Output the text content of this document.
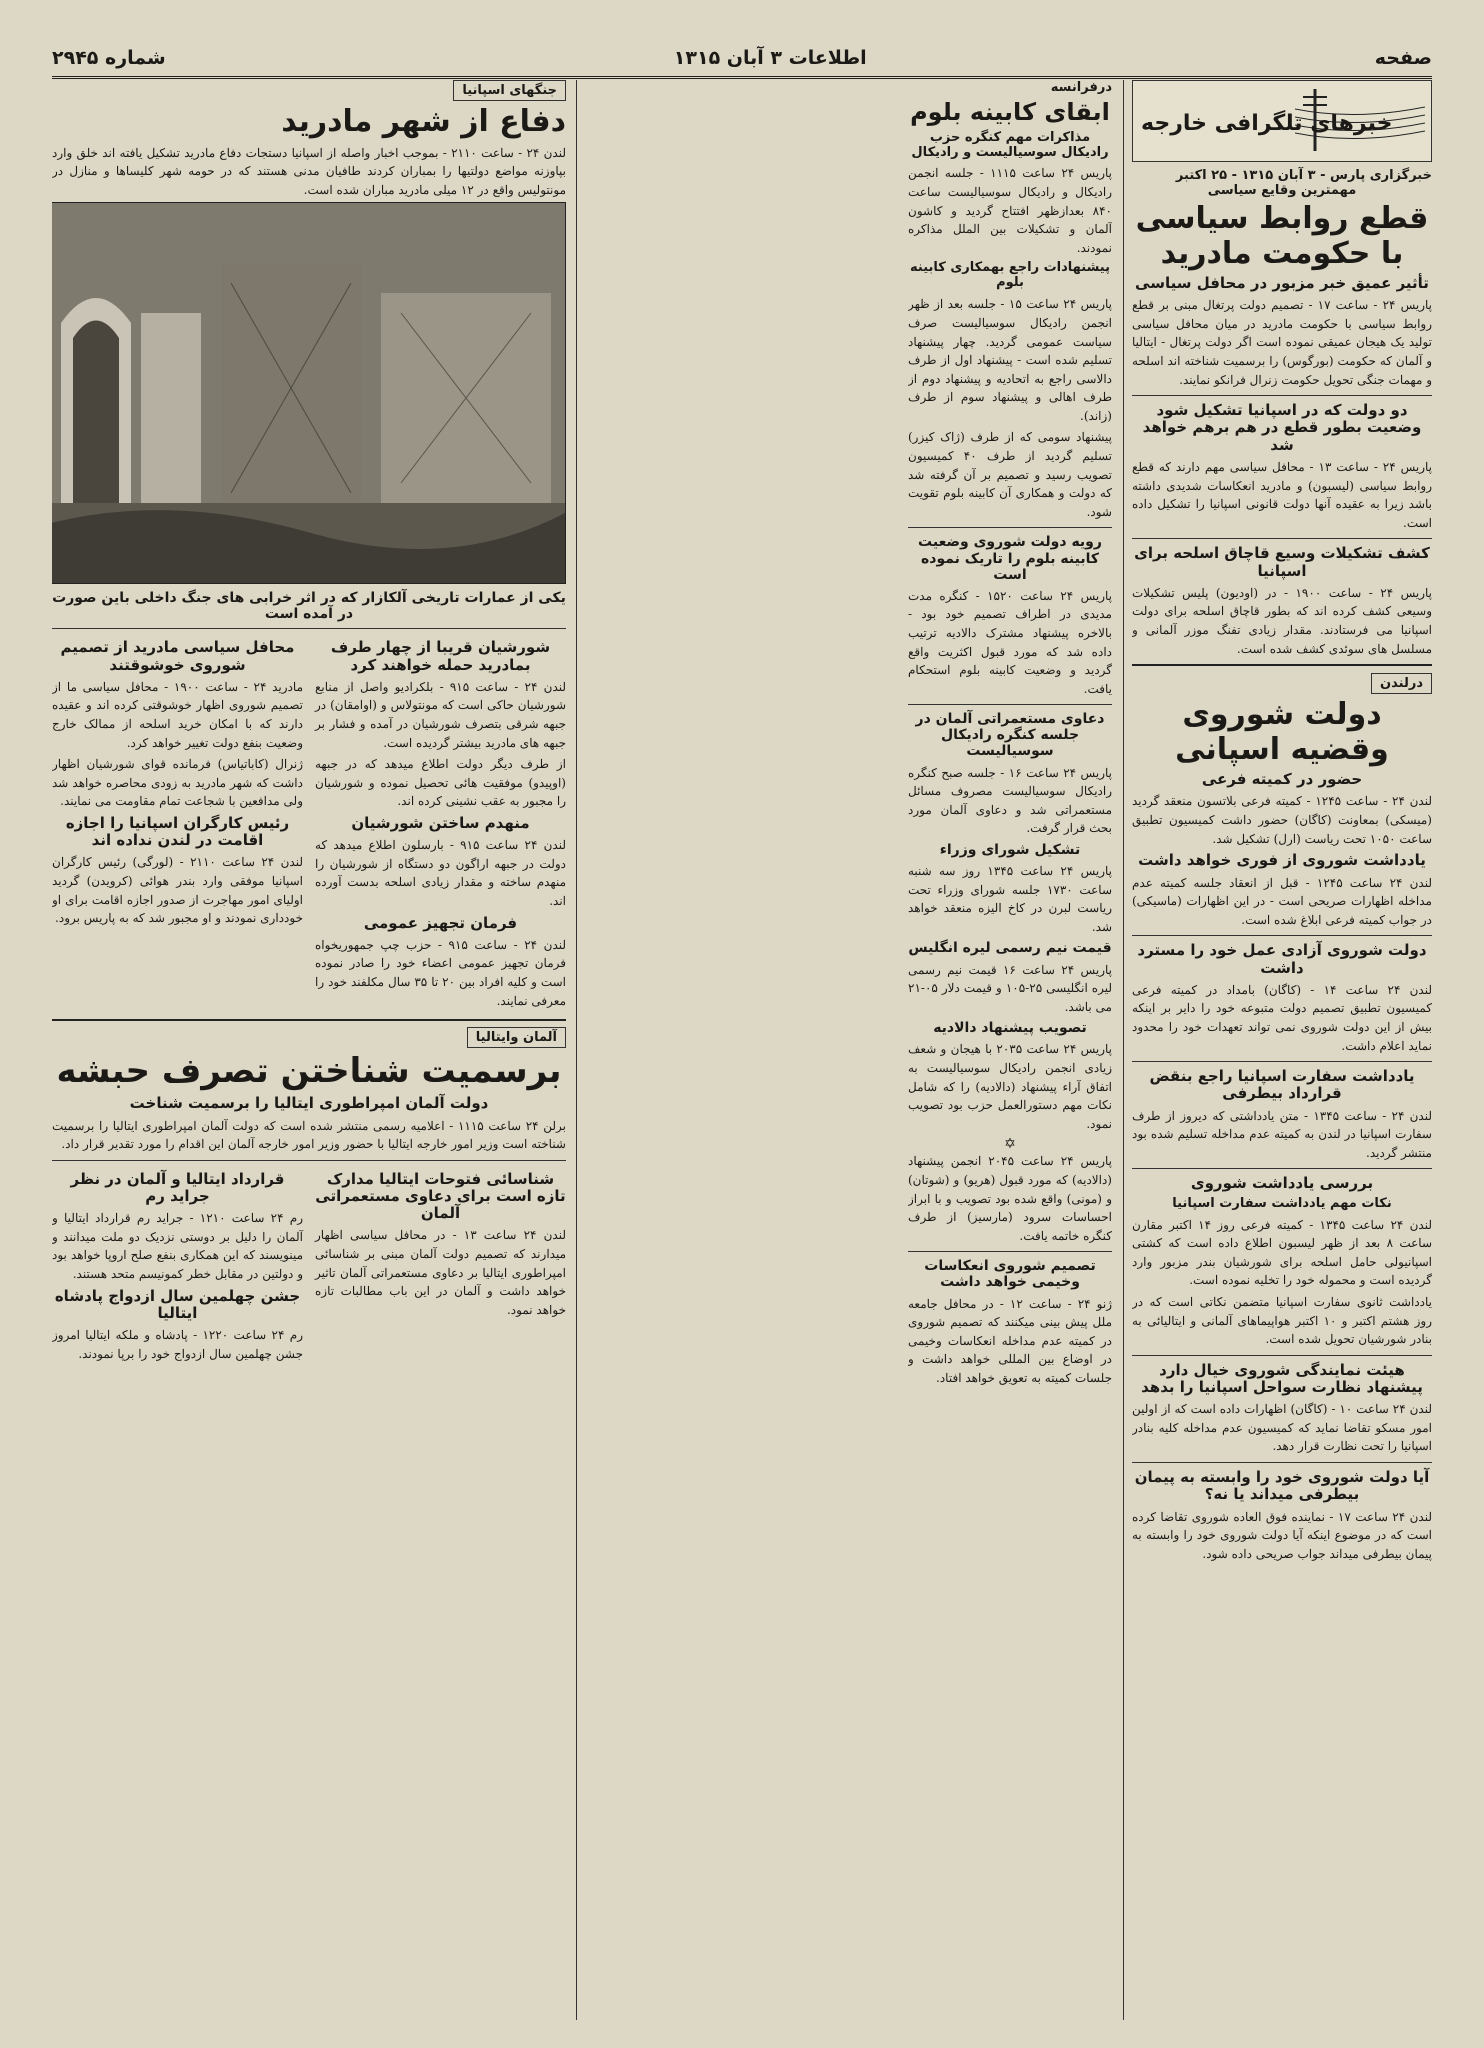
صفحه
اطلاعات ۳ آبان ۱۳۱۵
شماره ۲۹۴۵
خبرهای تلگرافی خارجه
خبرگزاری پارس - ۳ آبان ۱۳۱۵ - ۲۵ اکتبر
مهمترین وقایع سیاسی
قطع روابط سیاسی با حکومت مادرید
تأثیر عمیق خبر مزبور در محافل سیاسی

پاریس ۲۴ - ساعت ۱۷ - تصمیم دولت پرتغال مبنی بر قطع روابط سیاسی با حکومت مادرید در میان محافل سیاسی تولید یک هیجان عمیقی نموده است اگر دولت پرتغال - ایتالیا و آلمان که حکومت (بورگوس) را برسمیت شناخته اند اسلحه و مهمات جنگی تحویل حکومت زنرال فرانکو نمایند.

دو دولت که در اسپانیا تشکیل شود وضعیت بطور قطع در هم برهم خواهد شد

پاریس ۲۴ - ساعت ۱۳ - محافل سیاسی مهم دارند که قطع روابط سیاسی (لیسبون) و مادرید انعکاسات شدیدی داشته باشد زیرا به عقیده آنها دولت قانونی اسپانیا را تشکیل داده است.

کشف تشکیلات وسیع قاچاق اسلحه برای اسپانیا

پاریس ۲۴ - ساعت ۱۹۰۰ - در (اودیون) پلیس تشکیلات وسیعی کشف کرده اند که بطور قاچاق اسلحه برای دولت اسپانیا می فرستادند. مقدار زیادی تفنگ موزر آلمانی و مسلسل های سوئدی کشف شده است.

درلندن
دولت شوروی وقضیه اسپانی
حضور در کمیته فرعی

لندن ۲۴ - ساعت ۱۲۴۵ - کمیته فرعی بلاتسون منعقد گردید (میسکی) بمعاونت (کاگان) حضور داشت کمیسیون تطبیق ساعت ۱۰۵۰ تحت ریاست (ارل) تشکیل شد.

یادداشت شوروی از فوری خواهد داشت

لندن ۲۴ ساعت ۱۲۴۵ - قبل از انعقاد جلسه کمیته عدم مداخله اظهارات صریحی است - در این اظهارات (ماسیکی) در جواب کمیته فرعی ابلاغ شده است.

دولت شوروی آزادی عمل خود را مسترد داشت

لندن ۲۴ ساعت ۱۴ - (کاگان) بامداد در کمیته فرعی کمیسیون تطبیق تصمیم دولت متبوعه خود را دایر بر اینکه بیش از این دولت شوروی نمی تواند تعهدات خود را محدود نماید اعلام داشت.

یادداشت سفارت اسپانیا راجع بنقض قرارداد بیطرفی

لندن ۲۴ - ساعت ۱۳۴۵ - متن یادداشتی که دیروز از طرف سفارت اسپانیا در لندن به کمیته عدم مداخله تسلیم شده بود منتشر گردید.

بررسی یادداشت شوروی
نکات مهم یادداشت سفارت اسپانیا

لندن ۲۴ ساعت ۱۳۴۵ - کمیته فرعی روز ۱۴ اکتبر مقارن ساعت ۸ بعد از ظهر لیسبون اطلاع داده است که کشتی اسپانیولی حامل اسلحه برای شورشیان بندر مزبور وارد گردیده است و محموله خود را تخلیه نموده است.

یادداشت ثانوی سفارت اسپانیا متضمن نکاتی است که در روز هشتم اکتبر و ۱۰ اکتبر هواپیماهای آلمانی و ایتالیائی به بنادر شورشیان تحویل شده است.

هیئت نمایندگی شوروی خیال دارد پیشنهاد نظارت سواحل اسپانیا را بدهد

لندن ۲۴ ساعت ۱۰ - (کاگان) اظهارات داده است که از اولین امور مسکو تقاضا نماید که کمیسیون عدم مداخله کلیه بنادر اسپانیا را تحت نظارت قرار دهد.

آیا دولت شوروی خود را وابسته به پیمان بیطرفی میداند یا نه؟

لندن ۲۴ ساعت ۱۷ - نماینده فوق العاده شوروی تقاضا کرده است که در موضوع اینکه آیا دولت شوروی خود را وابسته به پیمان بیطرفی میداند جواب صریحی داده شود.

درفرانسه
ابقای کابینه بلوم
مذاکرات مهم کنگره حزب رادیکال سوسیالیست و رادیکال

پاریس ۲۴ ساعت ۱۱۱۵ - جلسه انجمن رادیکال و رادیکال سوسیالیست ساعت ۸۴۰ بعدازظهر افتتاح گردید و کاشون آلمان و تشکیلات بین الملل مذاکره نمودند.

پیشنهادات راجع بهمکاری کابینه بلوم

پاریس ۲۴ ساعت ۱۵ - جلسه بعد از ظهر انجمن رادیکال سوسیالیست صرف سیاست عمومی گردید. چهار پیشنهاد تسلیم شده است - پیشنهاد اول از طرف دالاسی راجع به اتحادیه و پیشنهاد دوم از طرف اهالی و پیشنهاد سوم از طرف (زاند).

پیشنهاد سومی که از طرف (ژاک کیزر) تسلیم گردید از طرف ۴۰ کمیسیون تصویب رسید و تصمیم بر آن گرفته شد که دولت و همکاری آن کابینه بلوم تقویت شود.

رویه دولت شوروی وضعیت کابینه بلوم را تاریک نموده است

پاریس ۲۴ ساعت ۱۵۲۰ - کنگره مدت مدیدی در اطراف تصمیم خود بود - بالاخره پیشنهاد مشترک دالادیه ترتیب داده شد که مورد قبول اکثریت واقع گردید و وضعیت کابینه بلوم استحکام یافت.

دعاوی مستعمراتی آلمان در جلسه کنگره رادیکال سوسیالیست

پاریس ۲۴ ساعت ۱۶ - جلسه صبح کنگره رادیکال سوسیالیست مصروف مسائل مستعمراتی شد و دعاوی آلمان مورد بحث قرار گرفت.

تشکیل شورای وزراء

پاریس ۲۴ ساعت ۱۳۴۵ روز سه شنبه ساعت ۱۷۳۰ جلسه شورای وزراء تحت ریاست لبرن در کاخ الیزه منعقد خواهد شد.

قیمت نیم رسمی لیره انگلیس

پاریس ۲۴ ساعت ۱۶ قیمت نیم رسمی لیره انگلیسی ۲۵-۱۰۵ و قیمت دلار ۰۵-۲۱ می باشد.

تصویب پیشنهاد دالادیه

پاریس ۲۴ ساعت ۲۰۳۵ با هیجان و شعف زیادی انجمن رادیکال سوسیالیست به اتفاق آراء پیشنهاد (دالادیه) را که شامل نکات مهم دستورالعمل حزب بود تصویب نمود.

✡

پاریس ۲۴ ساعت ۲۰۴۵ انجمن پیشنهاد (دالادیه) که مورد قبول (هریو) و (شوتان) و (مونی) واقع شده بود تصویب و با ابراز احساسات سرود (مارسیز) از طرف کنگره خاتمه یافت.

تصمیم شوروی انعکاسات وخیمی خواهد داشت

ژنو ۲۴ - ساعت ۱۲ - در محافل جامعه ملل پیش بینی میکنند که تصمیم شوروی در کمیته عدم مداخله انعکاسات وخیمی در اوضاع بین المللی خواهد داشت و جلسات کمیته به تعویق خواهد افتاد.

جنگهای اسپانیا
دفاع از شهر مادرید

لندن ۲۴ - ساعت ۲۱۱۰ - بموجب اخبار واصله از اسپانیا دستجات دفاع مادرید تشکیل یافته اند خلق وارد بپاوزنه مواضع دولتیها را بمباران کردند طافیان مدنی هستند که در حومه شهر کلیساها و منازل در مونتولیس واقع در ۱۲ میلی مادرید مباران شده است.

یکی از عمارات تاریخی آلکازار که در اثر خرابی های جنگ داخلی باین صورت در آمده است
شورشیان قریبا از چهار طرف بمادرید حمله خواهند کرد

لندن ۲۴ - ساعت ۹۱۵ - بلکرادیو واصل از منابع شورشیان حاکی است که مونتولاس و (اوامقان) در جبهه شرقی بتصرف شورشیان در آمده و فشار بر جبهه های مادرید بیشتر گردیده است.

از طرف دیگر دولت اطلاع میدهد که در جبهه (اوپیدو) موفقیت هائی تحصیل نموده و شورشیان را مجبور به عقب نشینی کرده اند.

منهدم ساختن شورشیان

لندن ۲۴ ساعت ۹۱۵ - بارسلون اطلاع میدهد که دولت در جبهه اراگون دو دستگاه از شورشیان را منهدم ساخته و مقدار زیادی اسلحه بدست آورده اند.

فرمان تجهیز عمومی

لندن ۲۴ - ساعت ۹۱۵ - حزب چپ جمهوریخواه فرمان تجهیز عمومی اعضاء خود را صادر نموده است و کلیه افراد بین ۲۰ تا ۳۵ سال مکلفند خود را معرفی نمایند.

محافل سیاسی مادرید از تصمیم شوروی خوشوقتند

مادرید ۲۴ - ساعت ۱۹۰۰ - محافل سیاسی ما از تصمیم شوروی اظهار خوشوقتی کرده اند و عقیده دارند که با امکان خرید اسلحه از ممالک خارج وضعیت بنفع دولت تغییر خواهد کرد.

ژنرال (کاباتیاس) فرمانده قوای شورشیان اظهار داشت که شهر مادرید به زودی محاصره خواهد شد ولی مدافعین با شجاعت تمام مقاومت می نمایند.

رئیس کارگران اسپانیا را اجازه اقامت در لندن نداده اند

لندن ۲۴ ساعت ۲۱۱۰ - (لورگی) رئیس کارگران اسپانیا موفقی وارد بندر هوائی (کرویدن) گردید اولیای امور مهاجرت از صدور اجازه اقامت برای او خودداری نمودند و او مجبور شد که به پاریس برود.

آلمان وایتالیا
برسمیت شناختن تصرف حبشه
دولت آلمان امپراطوری ایتالیا را برسمیت شناخت

برلن ۲۴ ساعت ۱۱۱۵ - اعلامیه رسمی منتشر شده است که دولت آلمان امپراطوری ایتالیا را برسمیت شناخته است وزیر امور خارجه ایتالیا با حضور وزیر امور خارجه آلمان این اقدام را مورد تقدیر قرار داد.

شناسائی فتوحات ایتالیا مدارک تازه است برای دعاوی مستعمراتی آلمان

لندن ۲۴ ساعت ۱۳ - در محافل سیاسی اظهار میدارند که تصمیم دولت آلمان مبنی بر شناسائی امپراطوری ایتالیا بر دعاوی مستعمراتی آلمان تاثیر خواهد داشت و آلمان در این باب مطالبات تازه خواهد نمود.

قرارداد ایتالیا و آلمان در نظر جراید رم

رم ۲۴ ساعت ۱۲۱۰ - جراید رم قرارداد ایتالیا و آلمان را دلیل بر دوستی نزدیک دو ملت میدانند و مینویسند که این همکاری بنفع صلح اروپا خواهد بود و دولتین در مقابل خطر کمونیسم متحد هستند.

جشن چهلمین سال ازدواج پادشاه ایتالیا

رم ۲۴ ساعت ۱۲۲۰ - پادشاه و ملکه ایتالیا امروز جشن چهلمین سال ازدواج خود را برپا نمودند.
